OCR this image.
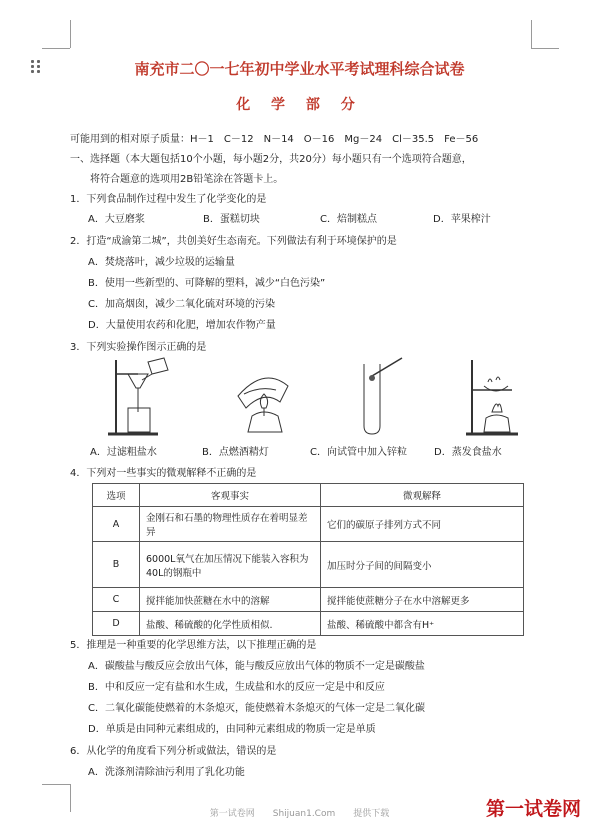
南充市二〇一七年初中学业水平考试理科综合试卷
化 学 部 分
可能用到的相对原子质量：H－1　C－12　N－14　O－16　Mg－24　Cl－35.5　Fe－56
一、选择题（本大题包括10个小题，每小题2分，共20分）每小题只有一个选项符合题意，
将符合题意的选项用2B铅笔涂在答题卡上。
1．下列食品制作过程中发生了化学变化的是
A．大豆磨浆	B．蛋糕切块	C．焙制糕点	D．苹果榨汁
2．打造“成渝第二城”，共创美好生态南充。下列做法有利于环境保护的是
A．焚烧落叶，减少垃圾的运输量
B．使用一些新型的、可降解的塑料，减少“白色污染”
C．加高烟囱，减少二氧化硫对环境的污染
D．大量使用农药和化肥，增加农作物产量
3．下列实验操作图示正确的是
A．过滤粗盐水	B．点燃酒精灯	C．向试管中加入锌粒	D．蒸发食盐水
4．下列对一些事实的微观解释不正确的是
选项	客观事实	微观解释
A	金刚石和石墨的物理性质存在着明显差异	它们的碳原子排列方式不同
B	6000L氧气在加压情况下能装入容积为40L的钢瓶中	加压时分子间的间隔变小
C	搅拌能加快蔗糖在水中的溶解	搅拌能使蔗糖分子在水中溶解更多
D	盐酸、稀硫酸的化学性质相似.	盐酸、稀硫酸中都含有H⁺
5．推理是一种重要的化学思维方法，以下推理正确的是
A．碳酸盐与酸反应会放出气体，能与酸反应放出气体的物质不一定是碳酸盐
B．中和反应一定有盐和水生成，生成盐和水的反应一定是中和反应
C．二氧化碳能使燃着的木条熄灭，能使燃着木条熄灭的气体一定是二氧化碳
D．单质是由同种元素组成的，由同种元素组成的物质一定是单质
6．从化学的角度看下列分析或做法，错误的是
A．洗涤剂清除油污利用了乳化功能
第一试卷网　　Shijuan1.Com　　提供下载	第一试卷网
